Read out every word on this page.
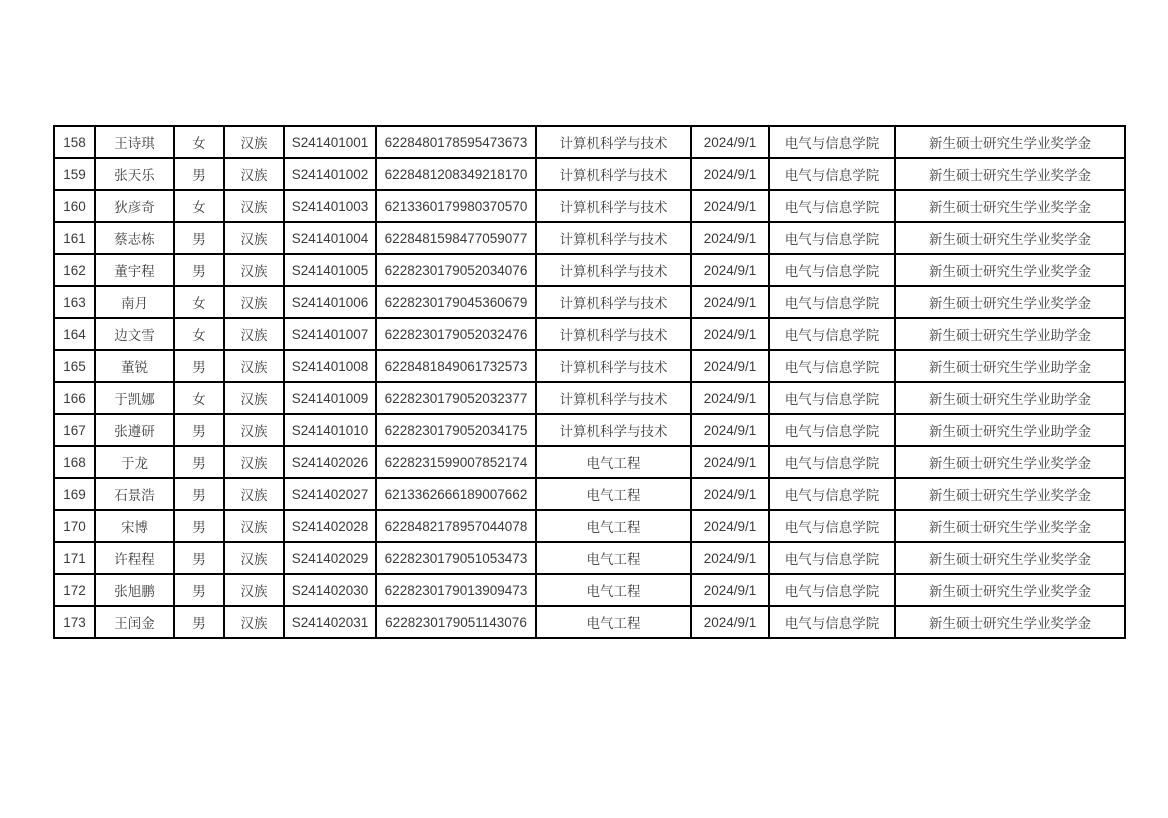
158	王诗琪	女	汉族	S241401001	6228480178595473673	计算机科学与技术	2024/9/1	电气与信息学院	新生硕士研究生学业奖学金
159	张天乐	男	汉族	S241401002	6228481208349218170	计算机科学与技术	2024/9/1	电气与信息学院	新生硕士研究生学业奖学金
160	狄彦奇	女	汉族	S241401003	6213360179980370570	计算机科学与技术	2024/9/1	电气与信息学院	新生硕士研究生学业奖学金
161	蔡志栋	男	汉族	S241401004	6228481598477059077	计算机科学与技术	2024/9/1	电气与信息学院	新生硕士研究生学业奖学金
162	董宇程	男	汉族	S241401005	6228230179052034076	计算机科学与技术	2024/9/1	电气与信息学院	新生硕士研究生学业奖学金
163	南月	女	汉族	S241401006	6228230179045360679	计算机科学与技术	2024/9/1	电气与信息学院	新生硕士研究生学业奖学金
164	边文雪	女	汉族	S241401007	6228230179052032476	计算机科学与技术	2024/9/1	电气与信息学院	新生硕士研究生学业助学金
165	董锐	男	汉族	S241401008	6228481849061732573	计算机科学与技术	2024/9/1	电气与信息学院	新生硕士研究生学业助学金
166	于凯娜	女	汉族	S241401009	6228230179052032377	计算机科学与技术	2024/9/1	电气与信息学院	新生硕士研究生学业助学金
167	张遵研	男	汉族	S241401010	6228230179052034175	计算机科学与技术	2024/9/1	电气与信息学院	新生硕士研究生学业助学金
168	于龙	男	汉族	S241402026	6228231599007852174	电气工程	2024/9/1	电气与信息学院	新生硕士研究生学业奖学金
169	石景浩	男	汉族	S241402027	6213362666189007662	电气工程	2024/9/1	电气与信息学院	新生硕士研究生学业奖学金
170	宋博	男	汉族	S241402028	6228482178957044078	电气工程	2024/9/1	电气与信息学院	新生硕士研究生学业奖学金
171	许程程	男	汉族	S241402029	6228230179051053473	电气工程	2024/9/1	电气与信息学院	新生硕士研究生学业奖学金
172	张旭鹏	男	汉族	S241402030	6228230179013909473	电气工程	2024/9/1	电气与信息学院	新生硕士研究生学业奖学金
173	王闰金	男	汉族	S241402031	6228230179051143076	电气工程	2024/9/1	电气与信息学院	新生硕士研究生学业奖学金
